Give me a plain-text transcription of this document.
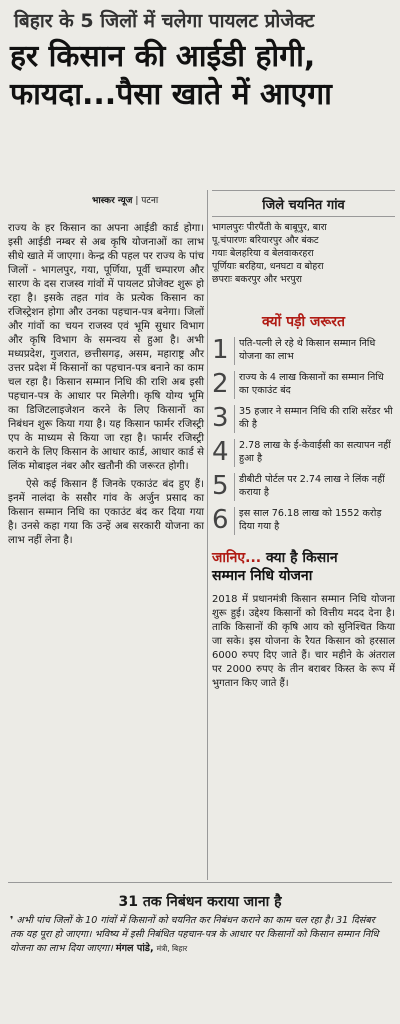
बिहार के 5 जिलों में चलेगा पायलट प्रोजेक्ट
हर किसान की आईडी होगी,
फायदा...पैसा खाते में आएगा
भास्कर न्यूज | पटना

राज्य के हर किसान का अपना आईडी कार्ड होगा। इसी आईडी नम्बर से अब कृषि योजनाओं का लाभ सीधे खाते में जाएगा। केन्द्र की पहल पर राज्य के पांच जिलों - भागलपुर, गया, पूर्णिया, पूर्वी चम्पारण और सारण के दस राजस्व गांवों में पायलट प्रोजेक्ट शुरू हो रहा है। इसके तहत गांव के प्रत्येक किसान का रजिस्ट्रेशन होगा और उनका पहचान-पत्र बनेगा। जिलों और गांवों का चयन राजस्व एवं भूमि सुधार विभाग और कृषि विभाग के समन्वय से हुआ है। अभी मध्यप्रदेश, गुजरात, छत्तीसगढ़, असम, महाराष्ट्र और उत्तर प्रदेश में किसानों का पहचान-पत्र बनाने का काम चल रहा है। किसान सम्मान निधि की राशि अब इसी पहचान-पत्र के आधार पर मिलेगी। कृषि योग्य भूमि का डिजिटलाइजेशन करने के लिए किसानों का निबंधन शुरू किया गया है। यह किसान फार्मर रजिस्ट्री एप के माध्यम से किया जा रहा है। फार्मर रजिस्ट्री कराने के लिए किसान के आधार कार्ड, आधार कार्ड से लिंक मोबाइल नंबर और खतौनी की जरूरत होगी।

ऐसे कई किसान हैं जिनके एकाउंट बंद हुए हैं। इनमें नालंदा के ससौर गांव के अर्जुन प्रसाद का किसान सम्मान निधि का एकाउंट बंद कर दिया गया है। उनसे कहा गया कि उन्हें अब सरकारी योजना का लाभ नहीं लेना है।

जिले चयनित गांव
भागलपुरः पीरपैंती के बाबूपुर, बारा
पू.चंपारणः बरियारपुर और बंकट
गयाः बेलहरिया व बेलवाकरहरा
पूर्णियाः बरहिया, धनघटा व बोहरा
छपराः बकरपुर और भरपुरा
क्यों पड़ी जरूरत
1	पति-पत्नी ले रहे थे किसान सम्मान निधि योजना का लाभ
2	राज्य के 4 लाख किसानों का सम्मान निधि का एकाउंट बंद
3	35 हजार ने सम्मान निधि की राशि सरेंडर भी की है
4	2.78 लाख के ई-केवाईसी का सत्यापन नहीं हुआ है
5	डीबीटी पोर्टल पर 2.74 लाख ने लिंक नहीं कराया है
6	इस साल 76.18 लाख को 1552 करोड़ दिया गया है
जानिए... क्या है किसान
सम्मान निधि योजना
2018 में प्रधानमंत्री किसान सम्मान निधि योजना शुरू हुई। उद्देश्य किसानों को वित्तीय मदद देना है। ताकि किसानों की कृषि आय को सुनिश्चित किया जा सके। इस योजना के रैयत किसान को हरसाल 6000 रुपए दिए जाते हैं। चार महीने के अंतराल पर 2000 रुपए के तीन बराबर किस्त के रूप में भुगतान किए जाते हैं।
31 तक निबंधन कराया जाना है
❜ अभी पांच जिलों के 10 गांवों में किसानों को चयनित कर निबंधन कराने का काम चल रहा है। 31 दिसंबर तक यह पूरा हो जाएगा। भविष्य में इसी निबंधित पहचान-पत्र के आधार पर किसानों को किसान सम्मान निधि योजना का लाभ दिया जाएगा। मंगल पांडे, मंत्री, बिहार
